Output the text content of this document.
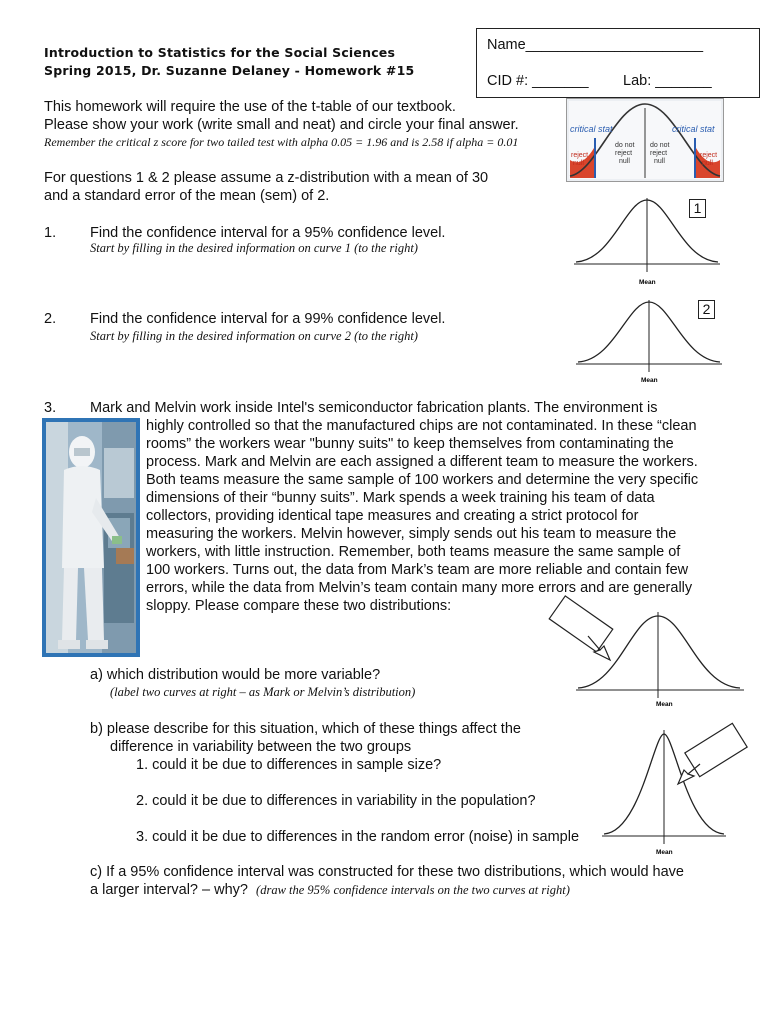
Introduction to Statistics for the Social Sciences
Spring 2015, Dr. Suzanne Delaney - Homework #15
Name______________________
CID #: _______ Lab: _______
This homework will require the use of the t-table of our textbook.
Please show your work (write small and neat) and circle your final answer.
Remember the critical z score for two tailed test with alpha 0.05 = 1.96 and is 2.58 if alpha = 0.01
critical stat	critical stat
reject
null
do not
reject
null
do not
reject
null
reject
null
For questions 1 & 2 please assume a z-distribution with a mean of 30
and a standard error of the mean (sem) of 2.
1. Find the confidence interval for a 95% confidence level.
Start by filling in the desired information on curve 1 (to the right)
1
Mean
2. Find the confidence interval for a 99% confidence level.
Start by filling in the desired information on curve 2 (to the right)
2
Mean
3. Mark and Melvin work inside Intel's semiconductor fabrication plants. The environment is
highly controlled so that the manufactured chips are not contaminated. In these “clean
rooms” the workers wear "bunny suits" to keep themselves from contaminating the
process. Mark and Melvin are each assigned a different team to measure the workers.
Both teams measure the same sample of 100 workers and determine the very specific
dimensions of their “bunny suits”. Mark spends a week training his team of data
collectors, providing identical tape measures and creating a strict protocol for
measuring the workers. Melvin however, simply sends out his team to measure the
workers, with little instruction. Remember, both teams measure the same sample of
100 workers. Turns out, the data from Mark’s team are more reliable and contain few
errors, while the data from Melvin’s team contain many more errors and are generally
sloppy. Please compare these two distributions:
Mean
Mean
a) which distribution would be more variable?
(label two curves at right – as Mark or Melvin’s distribution)
b) please describe for this situation, which of these things affect the
difference in variability between the two groups
1. could it be due to differences in sample size?
2. could it be due to differences in variability in the population?
3. could it be due to differences in the random error (noise) in sample
c) If a 95% confidence interval was constructed for these two distributions, which would have
a larger interval? – why? (draw the 95% confidence intervals on the two curves at right)
